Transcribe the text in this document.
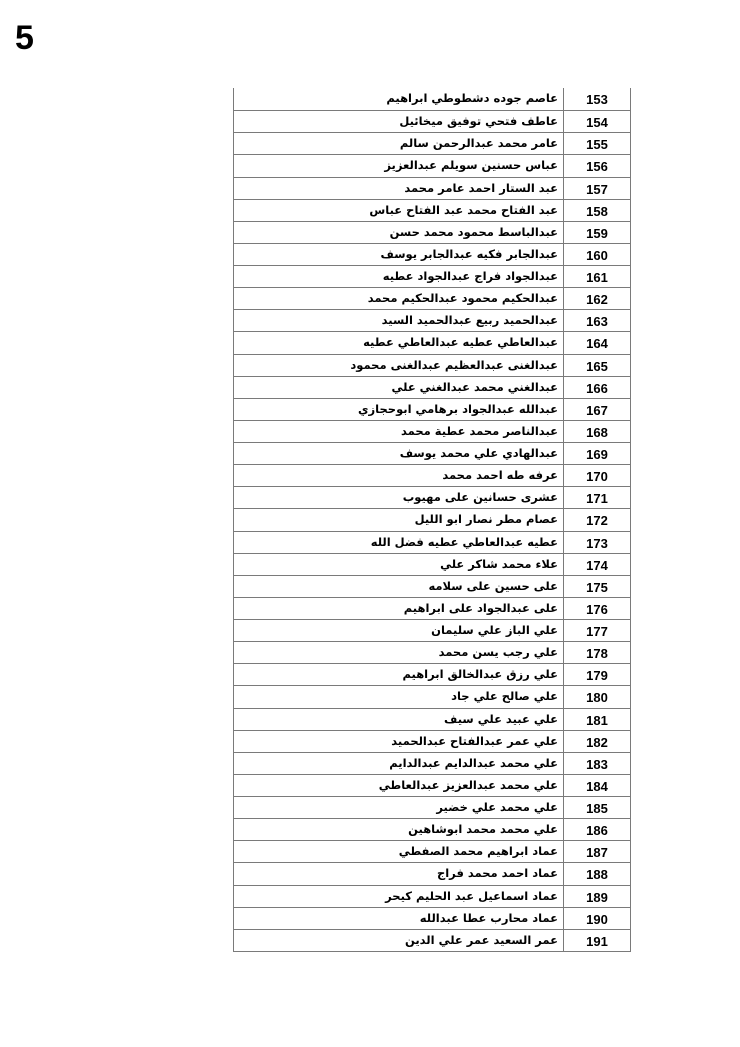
5
عاصم جوده دشطوطي ابراهيم	153
عاطف فتحي توفيق ميخائيل	154
عامر محمد عبدالرحمن سالم	155
عباس حسنين سويلم عبدالعزيز	156
عبد الستار احمد عامر محمد	157
عبد الفتاح محمد عبد الفتاح عباس	158
عبدالباسط محمود محمد حسن	159
عبدالجابر فكيه عبدالجابر يوسف	160
عبدالجواد فراج عبدالجواد عطيه	161
عبدالحكيم محمود عبدالحكيم محمد	162
عبدالحميد ربيع عبدالحميد السيد	163
عبدالعاطي عطيه عبدالعاطي عطيه	164
عبدالغنى عبدالعظيم عبدالغنى محمود	165
عبدالغني محمد عبدالغني علي	166
عبدالله عبدالجواد برهامي ابوحجازي	167
عبدالناصر محمد عطية محمد	168
عبدالهادي علي محمد يوسف	169
عرفه طه احمد محمد	170
عشرى حسانين على مهيوب	171
عصام مطر نصار ابو الليل	172
عطيه عبدالعاطي عطيه فضل الله	173
علاء محمد شاكر علي	174
على حسين على سلامه	175
على عبدالجواد على ابراهيم	176
علي الباز علي سليمان	177
علي رجب يسن محمد	178
علي رزق عبدالخالق ابراهيم	179
علي صالح علي جاد	180
علي عبيد علي سيف	181
علي عمر عبدالفتاح عبدالحميد	182
علي محمد عبدالدايم عبدالدايم	183
علي محمد عبدالعزيز عبدالعاطي	184
علي محمد علي خضير	185
علي محمد محمد ابوشاهين	186
عماد ابراهيم محمد الصفطي	187
عماد احمد محمد فراج	188
عماد اسماعيل عبد الحليم كيحر	189
عماد محارب عطا عبدالله	190
عمر السعيد عمر علي الدين	191
